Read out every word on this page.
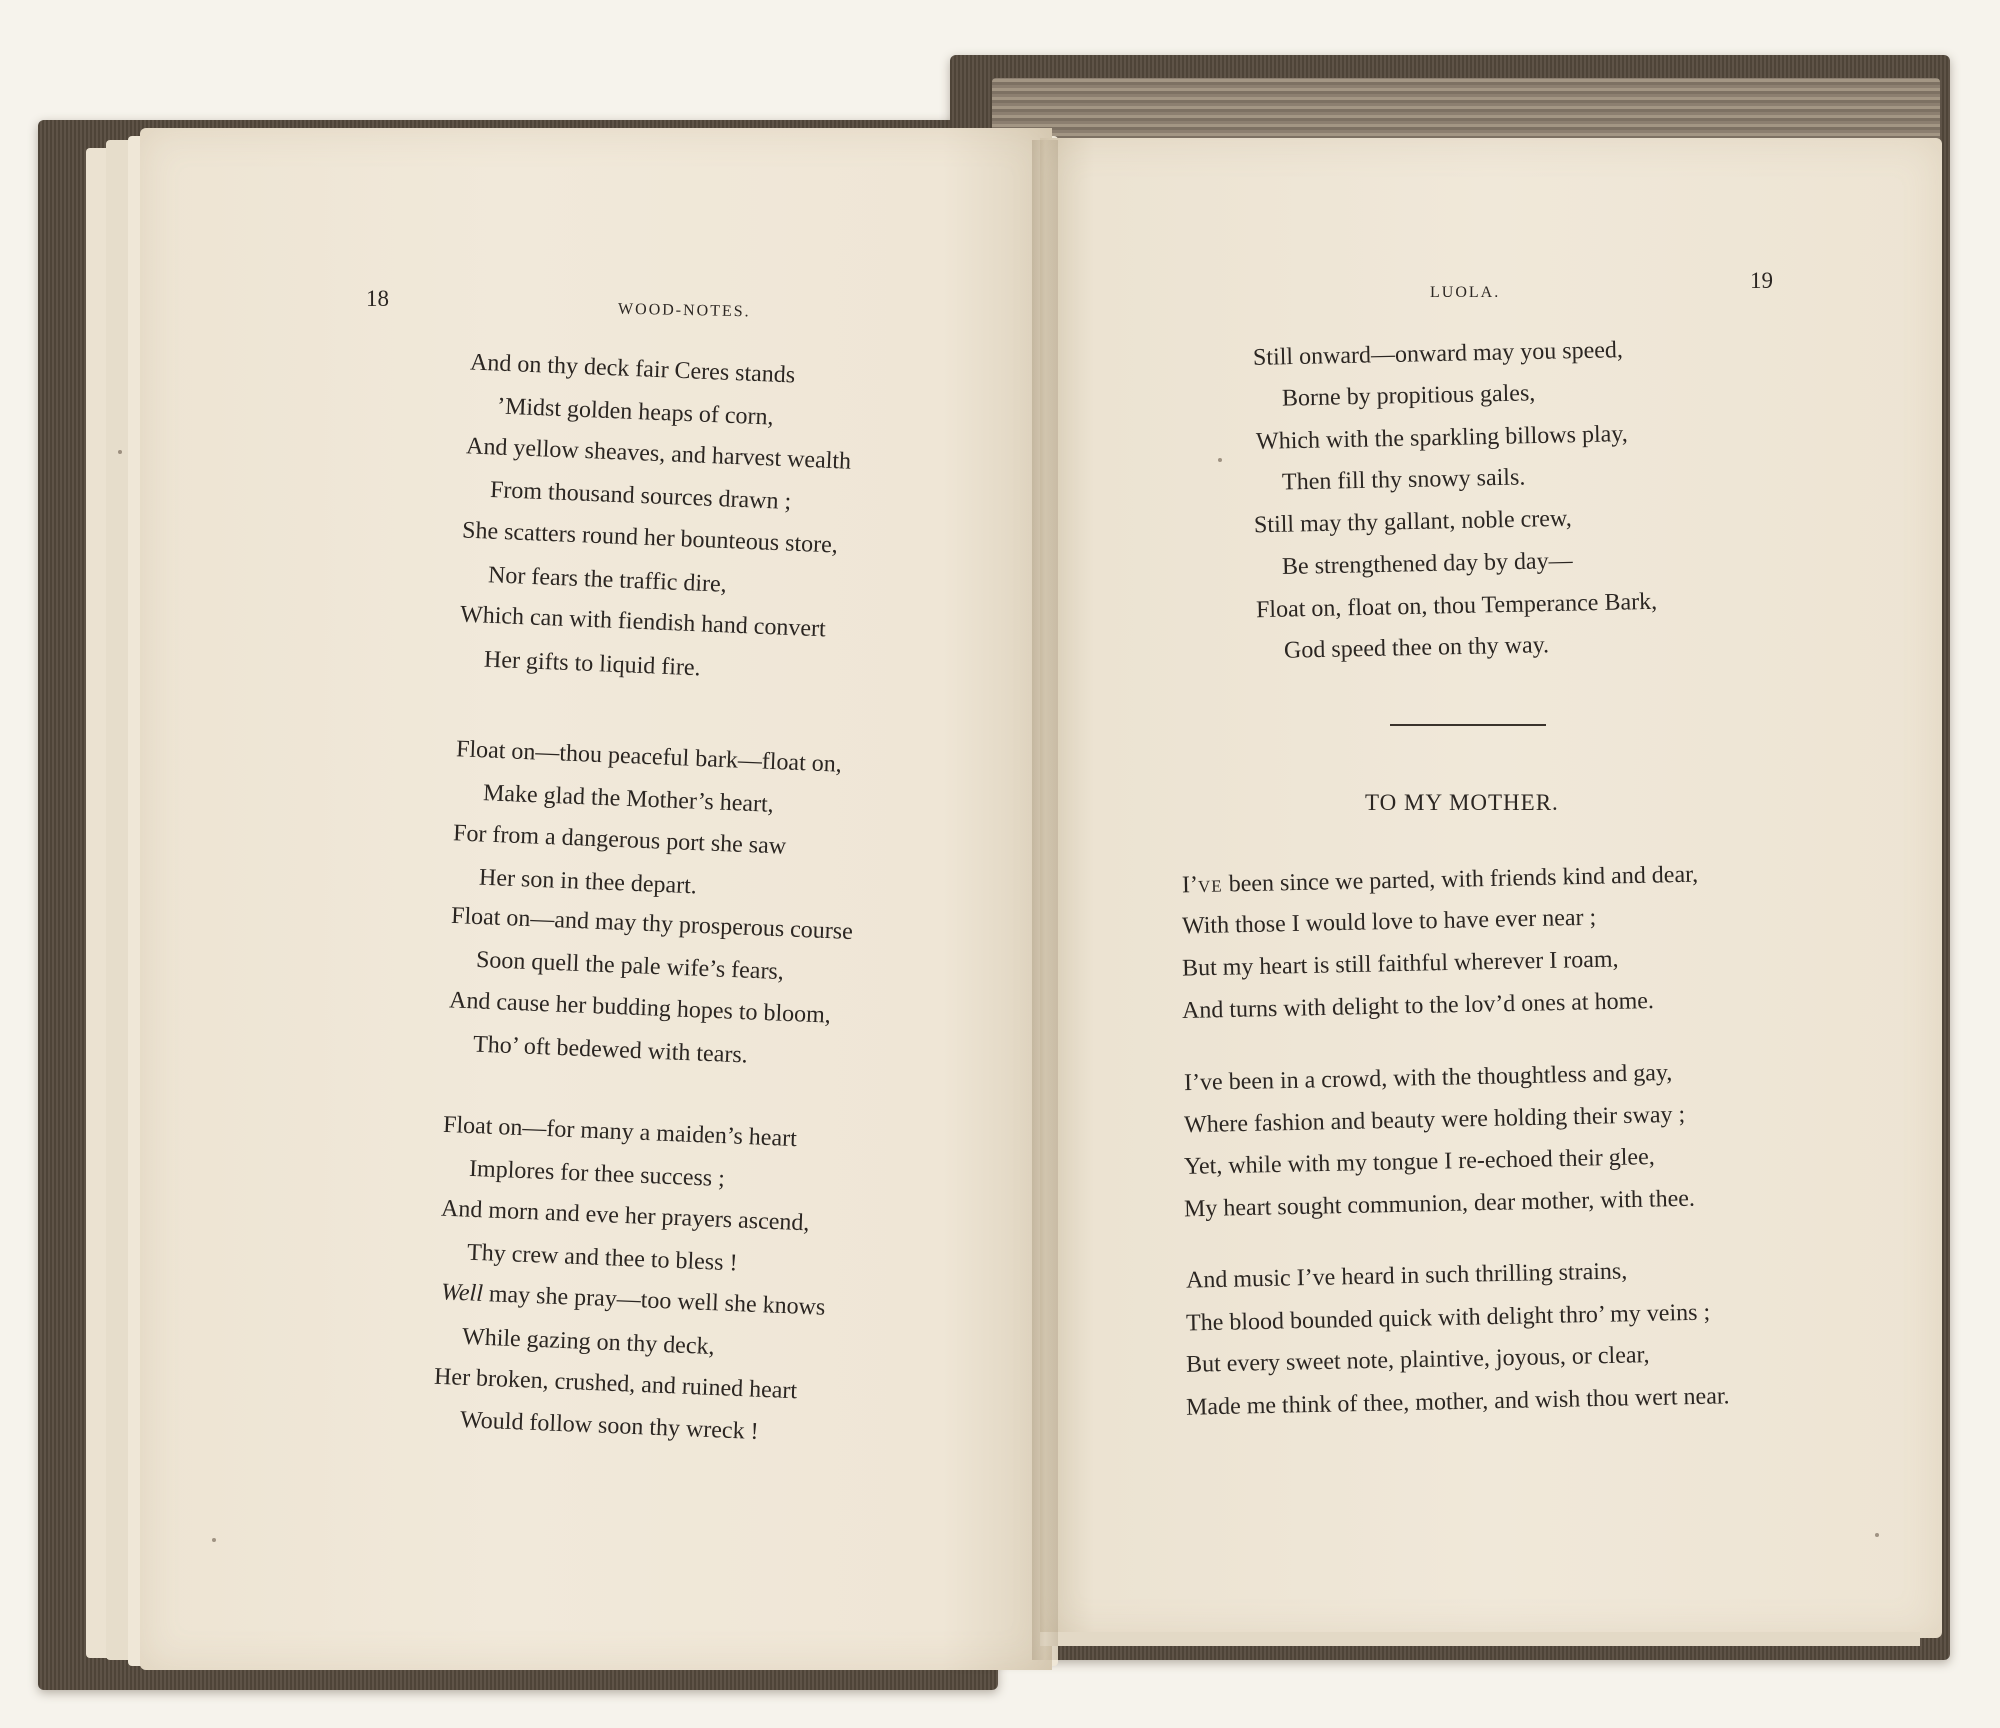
18	WOOD-NOTES.
And on thy deck fair Ceres stands
’Midst golden heaps of corn,
And yellow sheaves, and harvest wealth
From thousand sources drawn ;
She scatters round her bounteous store,
Nor fears the traffic dire,
Which can with fiendish hand convert
Her gifts to liquid fire.
Float on—thou peaceful bark—float on,
Make glad the Mother’s heart,
For from a dangerous port she saw
Her son in thee depart.
Float on—and may thy prosperous course
Soon quell the pale wife’s fears,
And cause her budding hopes to bloom,
Tho’ oft bedewed with tears.
Float on—for many a maiden’s heart
Implores for thee success ;
And morn and eve her prayers ascend,
Thy crew and thee to bless !
Well may she pray—too well she knows
While gazing on thy deck,
Her broken, crushed, and ruined heart
Would follow soon thy wreck !
LUOLA.	19
Still onward—onward may you speed,
Borne by propitious gales,
Which with the sparkling billows play,
Then fill thy snowy sails.
Still may thy gallant, noble crew,
Be strengthened day by day—
Float on, float on, thou Temperance Bark,
God speed thee on thy way.
TO MY MOTHER.
I’VE been since we parted, with friends kind and dear,
With those I would love to have ever near ;
But my heart is still faithful wherever I roam,
And turns with delight to the lov’d ones at home.
I’ve been in a crowd, with the thoughtless and gay,
Where fashion and beauty were holding their sway ;
Yet, while with my tongue I re-echoed their glee,
My heart sought communion, dear mother, with thee.
And music I’ve heard in such thrilling strains,
The blood bounded quick with delight thro’ my veins ;
But every sweet note, plaintive, joyous, or clear,
Made me think of thee, mother, and wish thou wert near.
